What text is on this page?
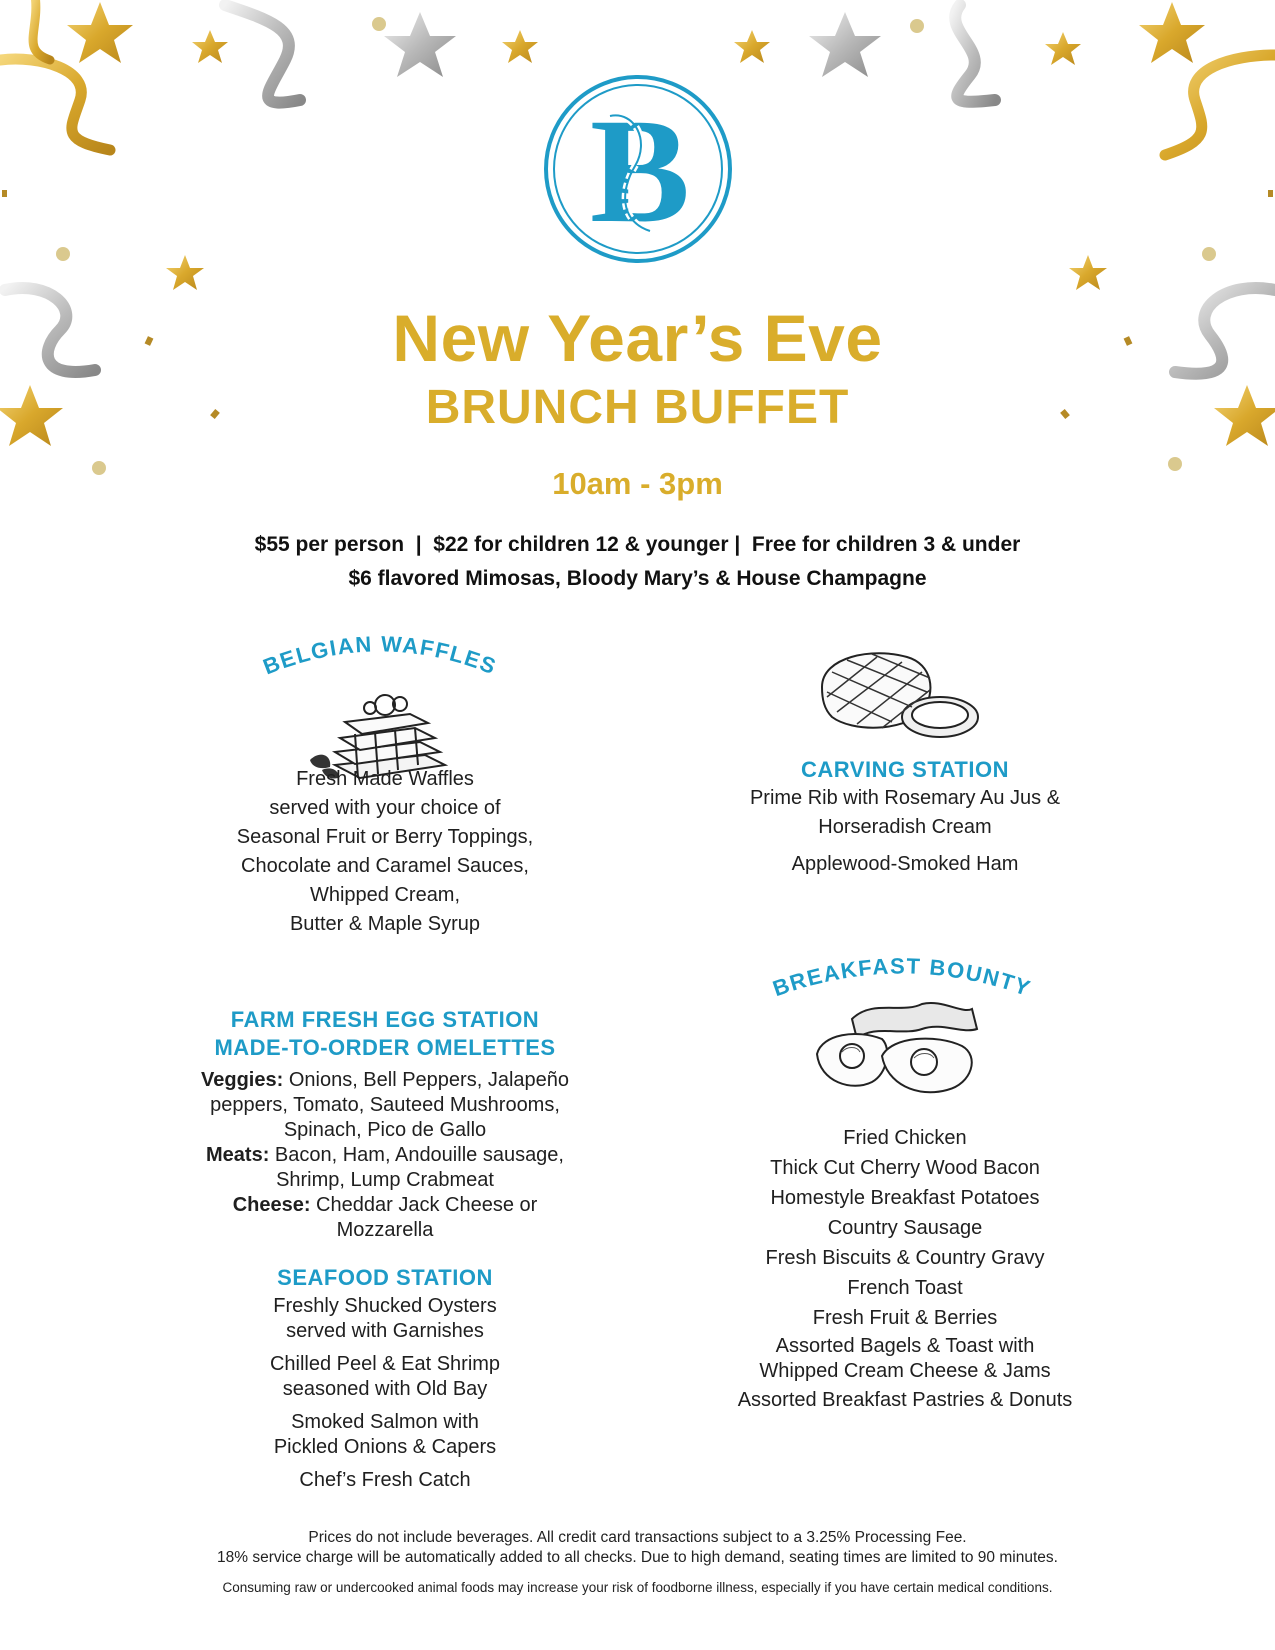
B
New Year’s Eve
BRUNCH BUFFET
10am - 3pm
$55 per person  |  $22 for children 12 & younger |  Free for children 3 & under
$6 flavored Mimosas, Bloody Mary’s & House Champagne
BELGIAN WAFFLES
Fresh Made Waffles
served with your choice of
Seasonal Fruit or Berry Toppings,
Chocolate and Caramel Sauces,
Whipped Cream,
Butter & Maple Syrup
FARM FRESH EGG STATION
MADE-TO-ORDER OMELETTES
Veggies: Onions, Bell Peppers, Jalapeño
peppers, Tomato, Sauteed Mushrooms,
Spinach, Pico de Gallo
Meats: Bacon, Ham, Andouille sausage,
Shrimp, Lump Crabmeat
Cheese: Cheddar Jack Cheese or
Mozzarella
SEAFOOD STATION
Freshly Shucked Oysters
served with Garnishes
Chilled Peel & Eat Shrimp
seasoned with Old Bay
Smoked Salmon with
Pickled Onions & Capers
Chef’s Fresh Catch
CARVING STATION
Prime Rib with Rosemary Au Jus &
Horseradish Cream
Applewood-Smoked Ham
BREAKFAST BOUNTY
Fried Chicken
Thick Cut Cherry Wood Bacon
Homestyle Breakfast Potatoes
Country Sausage
Fresh Biscuits & Country Gravy
French Toast
Fresh Fruit & Berries
Assorted Bagels & Toast with
Whipped Cream Cheese & Jams
Assorted Breakfast Pastries & Donuts
Prices do not include beverages. All credit card transactions subject to a 3.25% Processing Fee.
18% service charge will be automatically added to all checks. Due to high demand, seating times are limited to 90 minutes.
Consuming raw or undercooked animal foods may increase your risk of foodborne illness, especially if you have certain medical conditions.
